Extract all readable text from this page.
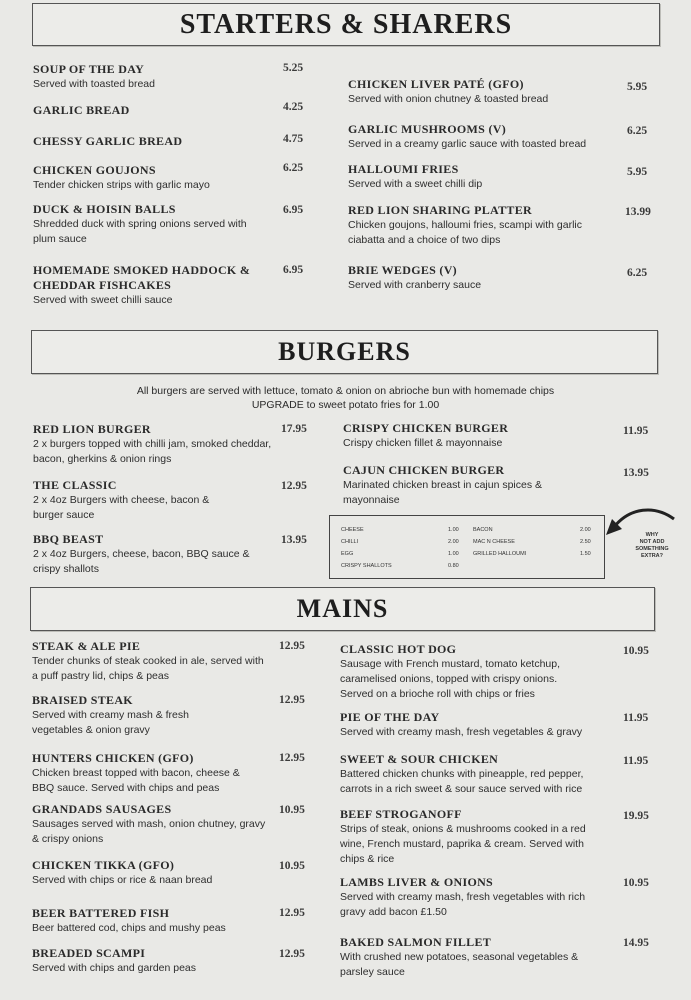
STARTERS & SHARERS
BURGERS
MAINS
SOUP OF THE DAY
Served with toasted bread
5.25
GARLIC BREAD	4.25
CHESSY GARLIC BREAD	4.75
CHICKEN GOUJONS
Tender chicken strips with garlic mayo
6.25
DUCK & HOISIN BALLS
Shredded duck with spring onions served with plum sauce
6.95
HOMEMADE SMOKED HADDOCK & CHEDDAR FISHCAKES
Served with sweet chilli sauce
6.95
CHICKEN LIVER PATÉ (GFO)
Served with onion chutney & toasted bread
5.95
GARLIC MUSHROOMS (V)
Served in a creamy garlic sauce with toasted bread
6.25
HALLOUMI FRIES
Served with a sweet chilli dip
5.95
RED LION SHARING PLATTER
Chicken goujons, halloumi fries, scampi with garlic ciabatta and a choice of two dips
13.99
BRIE WEDGES (V)
Served with cranberry sauce
6.25
All burgers are served with lettuce, tomato & onion on abrioche bun with homemade chips
UPGRADE to sweet potato fries for 1.00
RED LION BURGER
2 x burgers topped with chilli jam, smoked cheddar, bacon, gherkins & onion rings
17.95
THE CLASSIC
2 x 4oz Burgers with cheese, bacon & burger sauce
12.95
BBQ BEAST
2 x 4oz Burgers, cheese, bacon, BBQ sauce & crispy shallots
13.95
CRISPY CHICKEN BURGER
Crispy chicken fillet & mayonnaise
11.95
CAJUN CHICKEN BURGER
Marinated chicken breast in cajun spices & mayonnaise
13.95
CHEESE	1.00
CHILLI	2.00
EGG	1.00
CRISPY SHALLOTS	0.80
BACON	2.00
MAC N CHEESE	2.50
GRILLED HALLOUMI	1.50
WHY
NOT ADD
SOMETHING
EXTRA?
STEAK & ALE PIE
Tender chunks of steak cooked in ale, served with a puff pastry lid, chips & peas
12.95
BRAISED STEAK
Served with creamy mash & fresh vegetables & onion gravy
12.95
HUNTERS CHICKEN (GFO)
Chicken breast topped with bacon, cheese & BBQ sauce. Served with chips and peas
12.95
GRANDADS SAUSAGES
Sausages served with mash, onion chutney, gravy & crispy onions
10.95
CHICKEN TIKKA (GFO)
Served with chips or rice & naan bread
10.95
BEER BATTERED FISH
Beer battered cod, chips and mushy peas
12.95
BREADED SCAMPI
Served with chips and garden peas
12.95
CLASSIC HOT DOG
Sausage with French mustard, tomato ketchup, caramelised onions, topped with crispy onions. Served on a brioche roll with chips or fries
10.95
PIE OF THE DAY
Served with creamy mash, fresh vegetables & gravy
11.95
SWEET & SOUR CHICKEN
Battered chicken chunks with pineapple, red pepper, carrots in a rich sweet & sour sauce served with rice
11.95
BEEF STROGANOFF
Strips of steak, onions & mushrooms cooked in a red wine, French mustard, paprika & cream. Served with chips & rice
19.95
LAMBS LIVER & ONIONS
Served with creamy mash, fresh vegetables with rich gravy add bacon £1.50
10.95
BAKED SALMON FILLET
With crushed new potatoes, seasonal vegetables & parsley sauce
14.95
